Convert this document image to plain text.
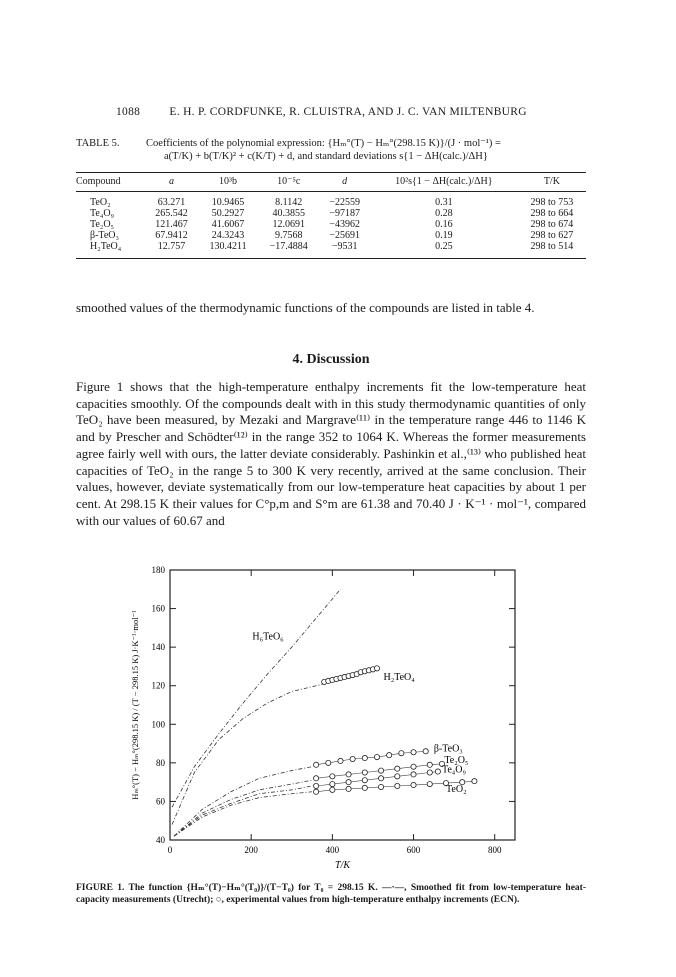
1088	E. H. P. CORDFUNKE, R. CLUISTRA, AND J. C. VAN MILTENBURG
TABLE 5.	Coefficients of the polynomial expression: {Hₘ°(T) − Hₘ°(298.15 K)}/(J · mol⁻¹) =
a(T/K) + b(T/K)² + c(K/T) + d, and standard deviations s{1 − ΔH(calc.)/ΔH}
Compound	a	10³b	10⁻⁵c	d	10²s{1 − ΔH(calc.)/ΔH}	T/K
TeO₂	63.271	10.9465	8.1142	−22559	0.31	298 to 753
Te₄O₉	265.542	50.2927	40.3855	−97187	0.28	298 to 664
Te₂O₅	121.467	41.6067	12.0691	−43962	0.16	298 to 674
β-TeO₃	67.9412	24.3243	9.7568	−25691	0.19	298 to 627
H₂TeO₄	12.757	130.4211	−17.4884	−9531	0.25	298 to 514

smoothed values of the thermodynamic functions of the compounds are listed in table 4.

4. Discussion

Figure 1 shows that the high-temperature enthalpy increments fit the low-temperature heat capacities smoothly. Of the compounds dealt with in this study thermodynamic quantities of only TeO₂ have been measured, by Mezaki and Margrave⁽¹¹⁾ in the temperature range 446 to 1146 K and by Prescher and Schödter⁽¹²⁾ in the range 352 to 1064 K. Whereas the former measurements agree fairly well with ours, the latter deviate considerably. Pashinkin et al.,⁽¹³⁾ who published heat capacities of TeO₂ in the range 5 to 300 K very recently, arrived at the same conclusion. Their values, however, deviate systematically from our low-temperature heat capacities by about 1 per cent. At 298.15 K their values for C°p,m and S°m are 61.38 and 70.40 J · K⁻¹ · mol⁻¹, compared with our values of 60.67 and

0	200	400	600	800
40
60
80
100
120
140
160
180
T/K
Hₘ°(T) − Hₘ°(298.15 K) / (T − 298.15 K) J·K⁻¹·mol⁻¹	H₆TeO₆
H₂TeO₄
β-TeO₃
Te₂O₅
Te₄O₉
TeO₂
FIGURE 1. The function {Hₘ°(T)−Hₘ°(T₀)}/(T−T₀) for T₀ = 298.15 K. —·—, Smoothed fit from low-temperature heat-capacity measurements (Utrecht); ○, experimental values from high-temperature enthalpy increments (ECN).
